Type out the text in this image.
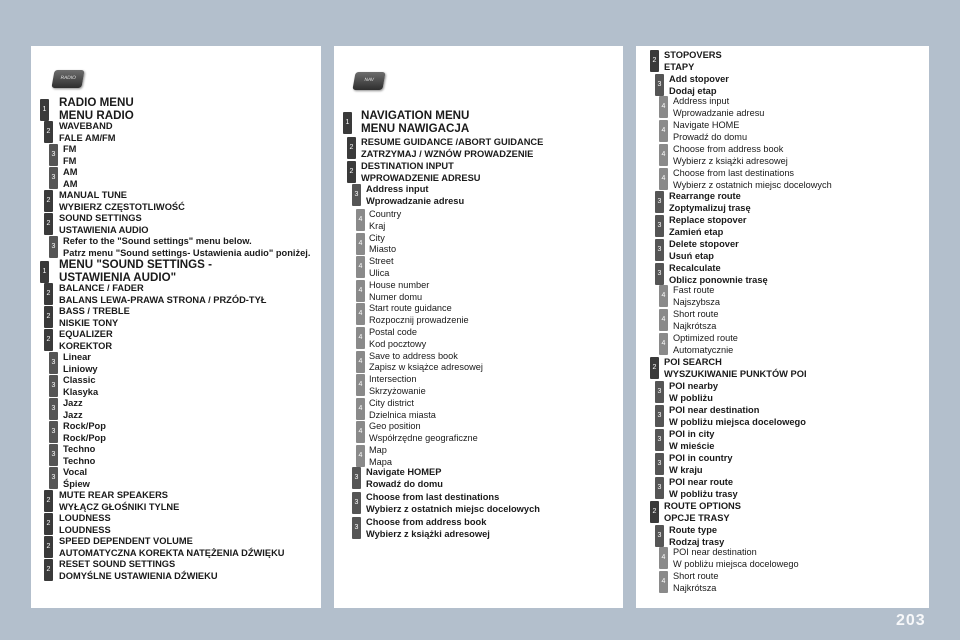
RADIO
1
RADIO MENU
MENU RADIO
2
WAVEBAND
FALE AM/FM
3
FM
FM
3
AM
AM
2
MANUAL TUNE
WYBIERZ CZĘSTOTLIWOŚĆ
2
SOUND SETTINGS
USTAWIENIA AUDIO
3
Refer to the "Sound settings" menu below.
Patrz menu "Sound settings- Ustawienia audio" poniżej.
1
MENU "SOUND SETTINGS -
USTAWIENIA AUDIO"
2
BALANCE / FADER
BALANS LEWA-PRAWA STRONA / PRZÓD-TYŁ
2
BASS / TREBLE
NISKIE TONY
2
EQUALIZER
KOREKTOR
3
Linear
Liniowy
3
Classic
Klasyka
3
Jazz
Jazz
3
Rock/Pop
Rock/Pop
3
Techno
Techno
3
Vocal
Śpiew
2
MUTE REAR SPEAKERS
WYŁĄCZ GŁOŚNIKI TYLNE
2
LOUDNESS
LOUDNESS
2
SPEED DEPENDENT VOLUME
AUTOMATYCZNA KOREKTA NATĘŻENIA DŹWIĘKU
2
RESET SOUND SETTINGS
DOMYŚLNE USTAWIENIA DŹWIEKU
NAV
1
NAVIGATION MENU
MENU NAWIGACJA
2
RESUME GUIDANCE /ABORT GUIDANCE
ZATRZYMAJ / WZNÓW PROWADZENIE
2
DESTINATION INPUT
WPROWADZENIE ADRESU
3
Address input
Wprowadzanie adresu
4
Country
Kraj
4
City
Miasto
4
Street
Ulica
4
House number
Numer domu
4
Start route guidance
Rozpocznij prowadzenie
4
Postal code
Kod pocztowy
4
Save to address book
Zapisz w książce adresowej
4
Intersection
Skrzyżowanie
4
City district
Dzielnica miasta
4
Geo position
Współrzędne geograficzne
4
Map
Mapa
3
Navigate HOMEP
Rowadź do domu
3
Choose from last destinations
Wybierz z ostatnich miejsc docelowych
3
Choose from address book
Wybierz z książki adresowej
2
STOPOVERS
ETAPY
3
Add stopover
Dodaj etap
4
Address input
Wprowadzanie adresu
4
Navigate HOME
Prowadź do domu
4
Choose from address book
Wybierz z książki adresowej
4
Choose from last destinations
Wybierz z ostatnich miejsc docelowych
3
Rearrange route
Zoptymalizuj trasę
3
Replace stopover
Zamień etap
3
Delete stopover
Usuń etap
3
Recalculate
Oblicz ponownie trasę
4
Fast route
Najszybsza
4
Short route
Najkrótsza
4
Optimized route
Automatycznie
2
POI SEARCH
WYSZUKIWANIE PUNKTÓW POI
3
POI nearby
W pobliżu
3
POI near destination
W pobliżu miejsca docelowego
3
POI in city
W mieście
3
POI in country
W kraju
3
POI near route
W pobliżu trasy
2
ROUTE OPTIONS
OPCJE TRASY
3
Route type
Rodzaj trasy
4
POI near destination
W pobliżu miejsca docelowego
4
Short route
Najkrótsza
203
